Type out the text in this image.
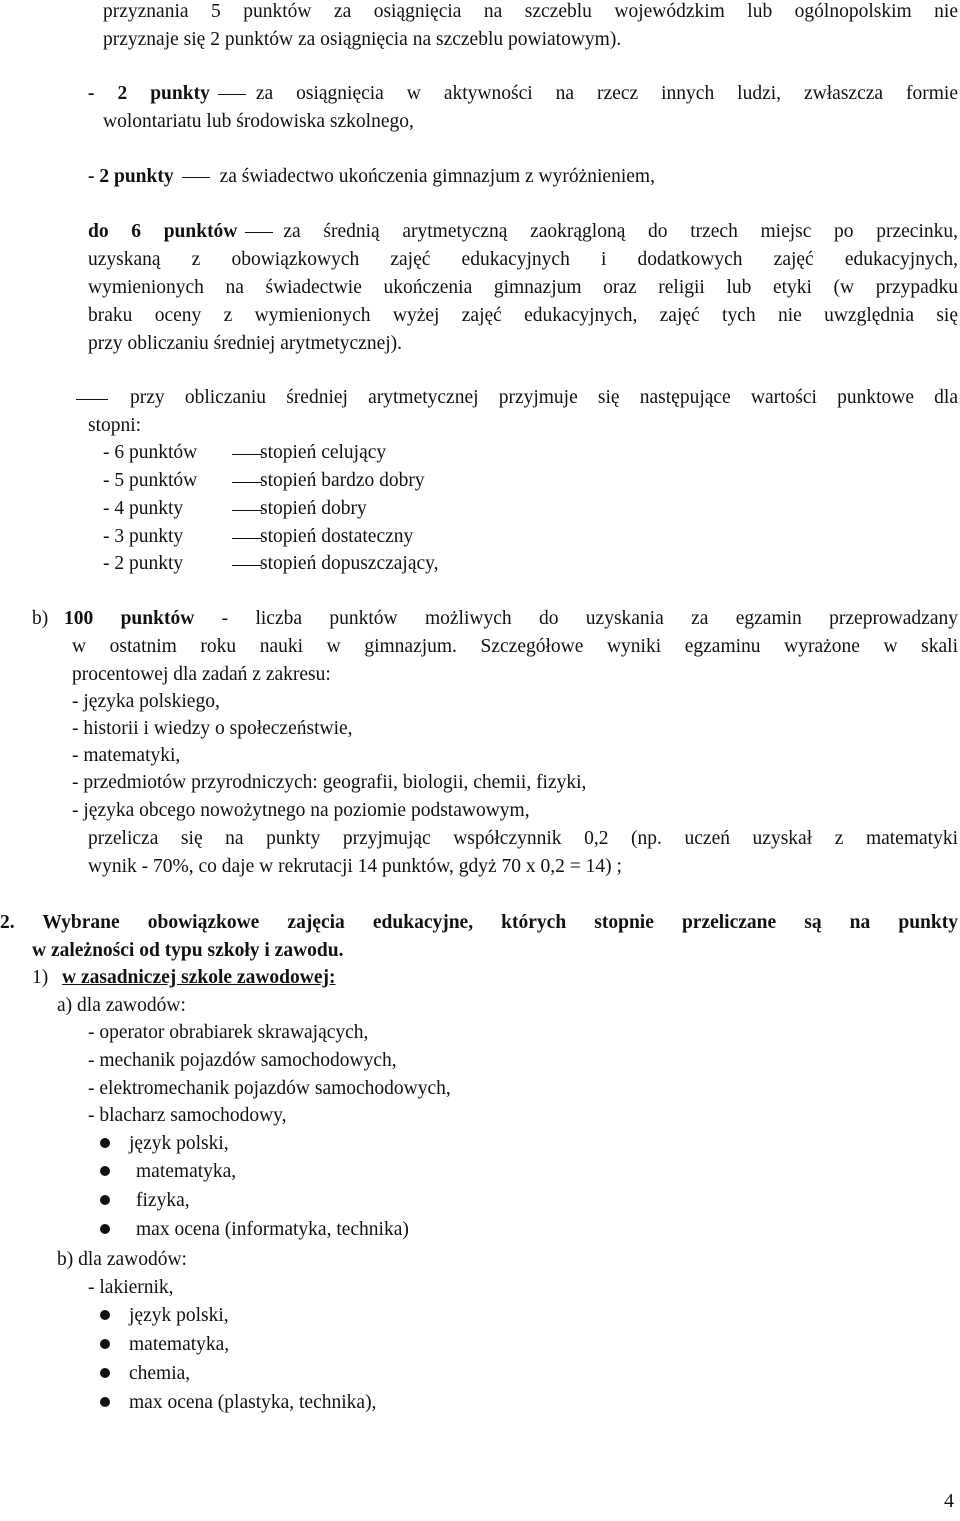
przyznania 5 punktów za osiągnięcia na szczeblu wojewódzkim lub ogólnopolskim nie
przyznaje się 2 punktów za osiągnięcia na szczeblu powiatowym).
- 2 punkty za osiągnięcia w aktywności na rzecz innych ludzi, zwłaszcza formie
wolontariatu lub środowiska szkolnego,
- 2 punkty za świadectwo ukończenia gimnazjum z wyróżnieniem,
do 6 punktów za średnią arytmetyczną zaokrągloną do trzech miejsc po przecinku,
uzyskaną z obowiązkowych zajęć edukacyjnych i dodatkowych zajęć edukacyjnych,
wymienionych na świadectwie ukończenia gimnazjum oraz religii lub etyki (w przypadku
braku oceny z wymienionych wyżej zajęć edukacyjnych, zajęć tych nie uwzględnia się
przy obliczaniu średniej arytmetycznej).
przy obliczaniu średniej arytmetycznej przyjmuje się następujące wartości punktowe dla
stopni:
- 6 punktów	stopień celujący
- 5 punktów	stopień bardzo dobry
- 4 punkty	stopień dobry
- 3 punkty	stopień dostateczny
- 2 punkty	stopień dopuszczający,
b) 100 punktów - liczba punktów możliwych do uzyskania za egzamin przeprowadzany
w ostatnim roku nauki w gimnazjum. Szczegółowe wyniki egzaminu wyrażone w skali
procentowej dla zadań z zakresu:
- języka polskiego,
- historii i wiedzy o społeczeństwie,
- matematyki,
- przedmiotów przyrodniczych: geografii, biologii, chemii, fizyki,
- języka obcego nowożytnego na poziomie podstawowym,
przelicza się na punkty przyjmując współczynnik 0,2 (np. uczeń uzyskał z matematyki
wynik - 70%, co daje w rekrutacji 14 punktów, gdyż 70 x 0,2 = 14) ;
2. Wybrane obowiązkowe zajęcia edukacyjne, których stopnie przeliczane są na punkty
w zależności od typu szkoły i zawodu.
1) w zasadniczej szkole zawodowej:
a) dla zawodów:
- operator obrabiarek skrawających,
- mechanik pojazdów samochodowych,
- elektromechanik pojazdów samochodowych,
- blacharz samochodowy,
język polski,
matematyka,
fizyka,
max ocena (informatyka, technika)
b) dla zawodów:
- lakiernik,
język polski,
matematyka,
chemia,
max ocena (plastyka, technika),
4
